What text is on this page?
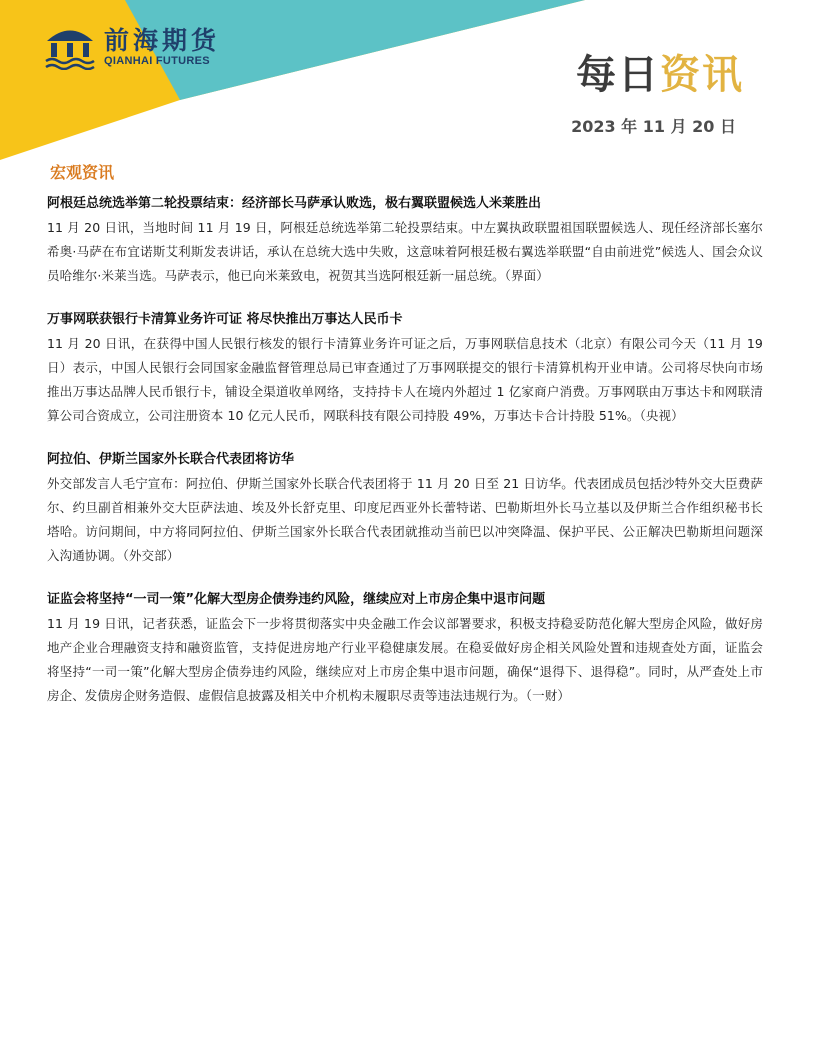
前海期货
QIANHAI FUTURES	每日资讯
2023 年 11 月 20 日
宏观资讯

阿根廷总统选举第二轮投票结束：经济部长马萨承认败选，极右翼联盟候选人米莱胜出

11 月 20 日讯，当地时间 11 月 19 日，阿根廷总统选举第二轮投票结束。中左翼执政联盟祖国联盟候选人、现任经济部长塞尔希奥·马萨在布宜诺斯艾利斯发表讲话，承认在总统大选中失败，这意味着阿根廷极右翼选举联盟“自由前进党”候选人、国会众议员哈维尔·米莱当选。马萨表示，他已向米莱致电，祝贺其当选阿根廷新一届总统。（界面）

万事网联获银行卡清算业务许可证 将尽快推出万事达人民币卡

11 月 20 日讯，在获得中国人民银行核发的银行卡清算业务许可证之后，万事网联信息技术（北京）有限公司今天（11 月 19 日）表示，中国人民银行会同国家金融监督管理总局已审查通过了万事网联提交的银行卡清算机构开业申请。公司将尽快向市场推出万事达品牌人民币银行卡，铺设全渠道收单网络，支持持卡人在境内外超过 1 亿家商户消费。万事网联由万事达卡和网联清算公司合资成立，公司注册资本 10 亿元人民币，网联科技有限公司持股 49%，万事达卡合计持股 51%。（央视）

阿拉伯、伊斯兰国家外长联合代表团将访华

外交部发言人毛宁宣布：阿拉伯、伊斯兰国家外长联合代表团将于 11 月 20 日至 21 日访华。代表团成员包括沙特外交大臣费萨尔、约旦副首相兼外交大臣萨法迪、埃及外长舒克里、印度尼西亚外长蕾特诺、巴勒斯坦外长马立基以及伊斯兰合作组织秘书长塔哈。访问期间，中方将同阿拉伯、伊斯兰国家外长联合代表团就推动当前巴以冲突降温、保护平民、公正解决巴勒斯坦问题深入沟通协调。（外交部）

证监会将坚持“一司一策”化解大型房企债券违约风险，继续应对上市房企集中退市问题

11 月 19 日讯，记者获悉，证监会下一步将贯彻落实中央金融工作会议部署要求，积极支持稳妥防范化解大型房企风险，做好房地产企业合理融资支持和融资监管，支持促进房地产行业平稳健康发展。在稳妥做好房企相关风险处置和违规查处方面，证监会将坚持“一司一策”化解大型房企债券违约风险，继续应对上市房企集中退市问题，确保“退得下、退得稳”。同时，从严查处上市房企、发债房企财务造假、虚假信息披露及相关中介机构未履职尽责等违法违规行为。（一财）
